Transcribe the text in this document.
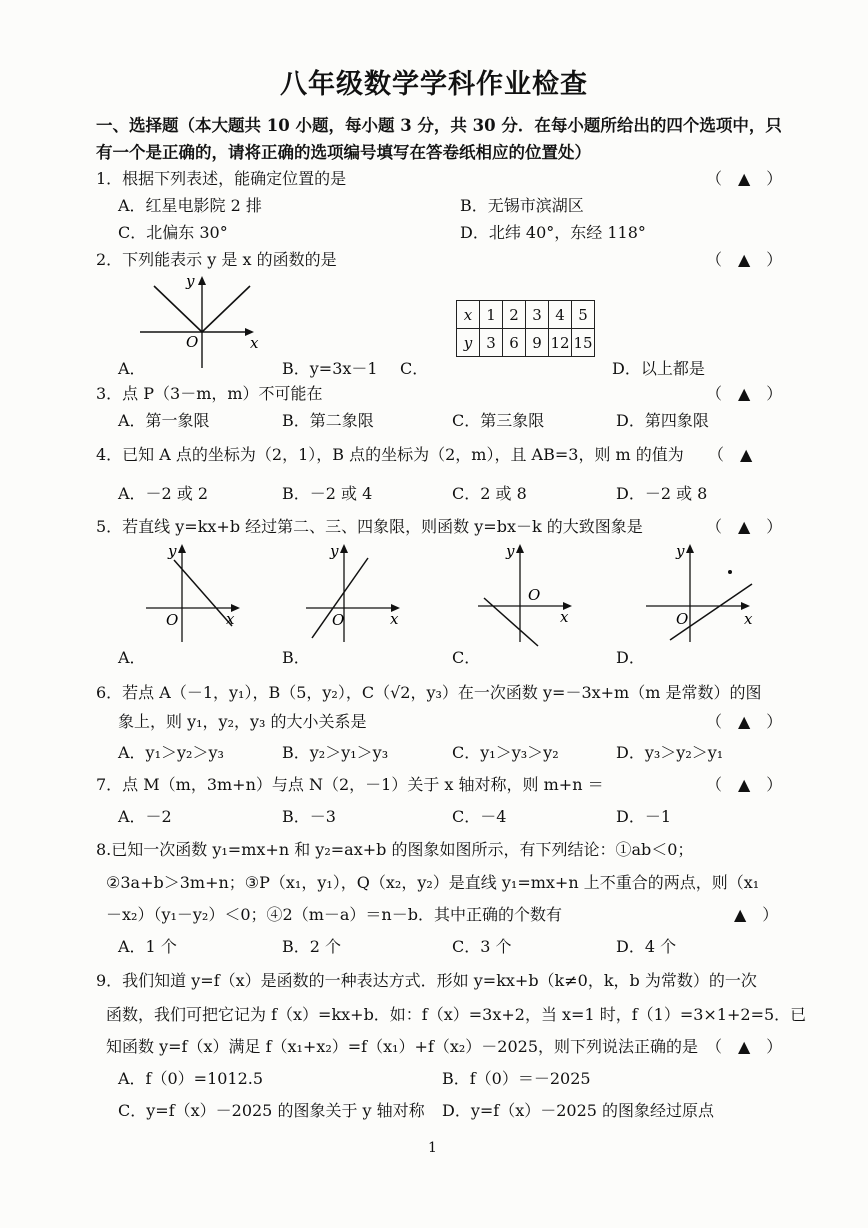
八年级数学学科作业检查
一、选择题（本大题共 10 小题，每小题 3 分，共 30 分．在每小题所给出的四个选项中，只
有一个是正确的，请将正确的选项编号填写在答卷纸相应的位置处）
1．根据下列表述，能确定位置的是	（　▲　）
A．红星电影院 2 排	B．无锡市滨湖区
C．北偏东 30°	D．北纬 40°，东经 118°
2．下列能表示 y 是 x 的函数的是	（　▲　）
y
O	x
A．	B．y=3x－1 C．
x	1	2	3	4	5
y	3	6	9	12	15
D．以上都是
3．点 P（3－m，m）不可能在	（　▲　）
A．第一象限	B．第二象限	C．第三象限	D．第四象限
4．已知 A 点的坐标为（2，1），B 点的坐标为（2，m），且 AB=3，则 m 的值为 （　▲
A．－2 或 2	B．－2 或 4	C．2 或 8	D．－2 或 8
5．若直线 y=kx+b 经过第二、三、四象限，则函数 y=bx－k 的大致图象是	（　▲　）
y
O	x
y
O	x
y
O
x
y
O	x
A．	B．	C．	D．
6．若点 A（－1，y₁），B（5，y₂），C（√2，y₃）在一次函数 y=－3x+m（m 是常数）的图
象上，则 y₁，y₂，y₃ 的大小关系是	（　▲　）
A．y₁＞y₂＞y₃	B．y₂＞y₁＞y₃	C．y₁＞y₃＞y₂	D．y₃＞y₂＞y₁
7．点 M（m，3m+n）与点 N（2，－1）关于 x 轴对称，则 m+n ＝	（　▲　）
A．－2	B．－3	C．－4	D．－1
8.已知一次函数 y₁=mx+n 和 y₂=ax+b 的图象如图所示，有下列结论：①ab＜0；
②3a+b＞3m+n；③P（x₁，y₁），Q（x₂，y₂）是直线 y₁=mx+n 上不重合的两点，则（x₁
－x₂）（y₁－y₂）＜0；④2（m－a）＝n－b．其中正确的个数有	▲　）
A．1 个	B．2 个	C．3 个	D．4 个
9．我们知道 y=f（x）是函数的一种表达方式．形如 y=kx+b（k≠0，k，b 为常数）的一次
函数，我们可把它记为 f（x）=kx+b．如：f（x）=3x+2，当 x=1 时，f（1）=3×1+2=5．已
知函数 y=f（x）满足 f（x₁+x₂）=f（x₁）+f（x₂）－2025，则下列说法正确的是 （　▲　）
A．f（0）=1012.5	B．f（0）＝－2025
C．y=f（x）－2025 的图象关于 y 轴对称 D．y=f（x）－2025 的图象经过原点
1
